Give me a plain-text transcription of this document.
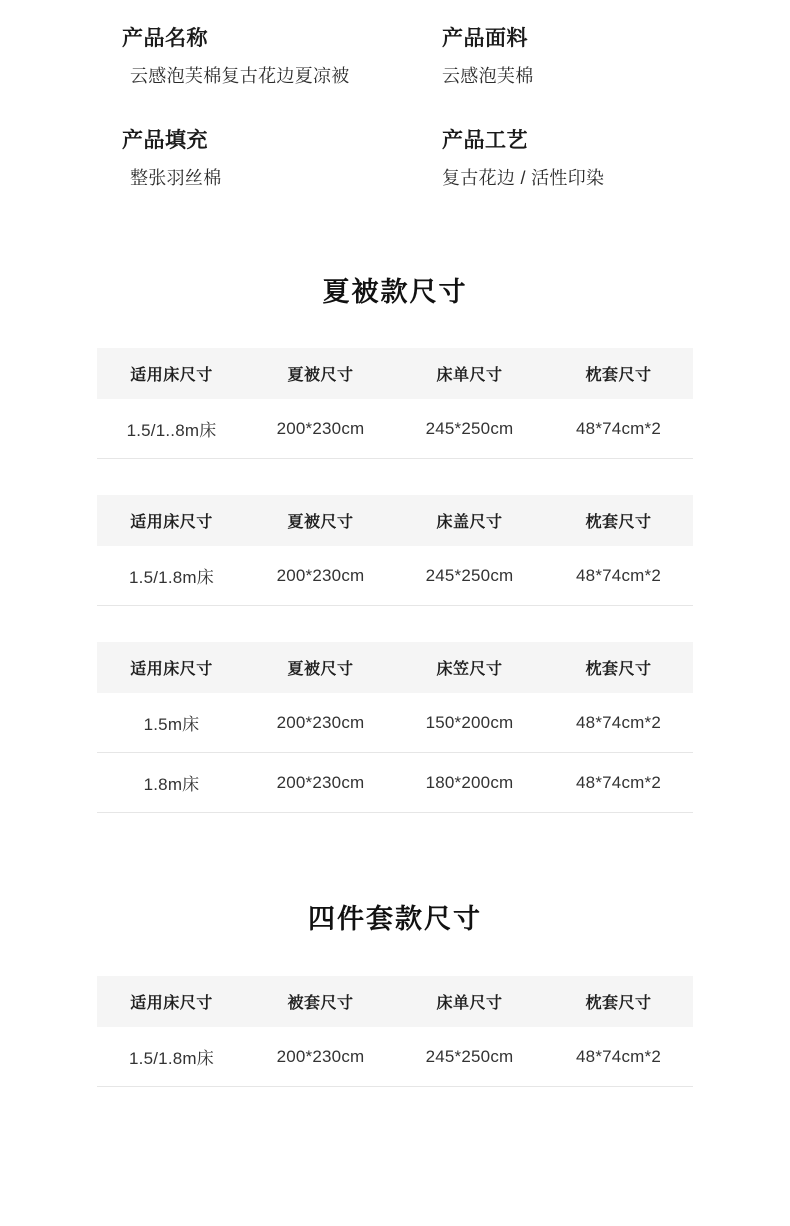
产品名称
云感泡芙棉复古花边夏凉被
产品面料
云感泡芙棉
产品填充
整张羽丝棉
产品工艺
复古花边 / 活性印染
夏被款尺寸
适用床尺寸	夏被尺寸	床单尺寸	枕套尺寸
1.5/1..8m床	200*230cm	245*250cm	48*74cm*2
适用床尺寸	夏被尺寸	床盖尺寸	枕套尺寸
1.5/1.8m床	200*230cm	245*250cm	48*74cm*2
适用床尺寸	夏被尺寸	床笠尺寸	枕套尺寸
1.5m床	200*230cm	150*200cm	48*74cm*2
1.8m床	200*230cm	180*200cm	48*74cm*2
四件套款尺寸
适用床尺寸	被套尺寸	床单尺寸	枕套尺寸
1.5/1.8m床	200*230cm	245*250cm	48*74cm*2
